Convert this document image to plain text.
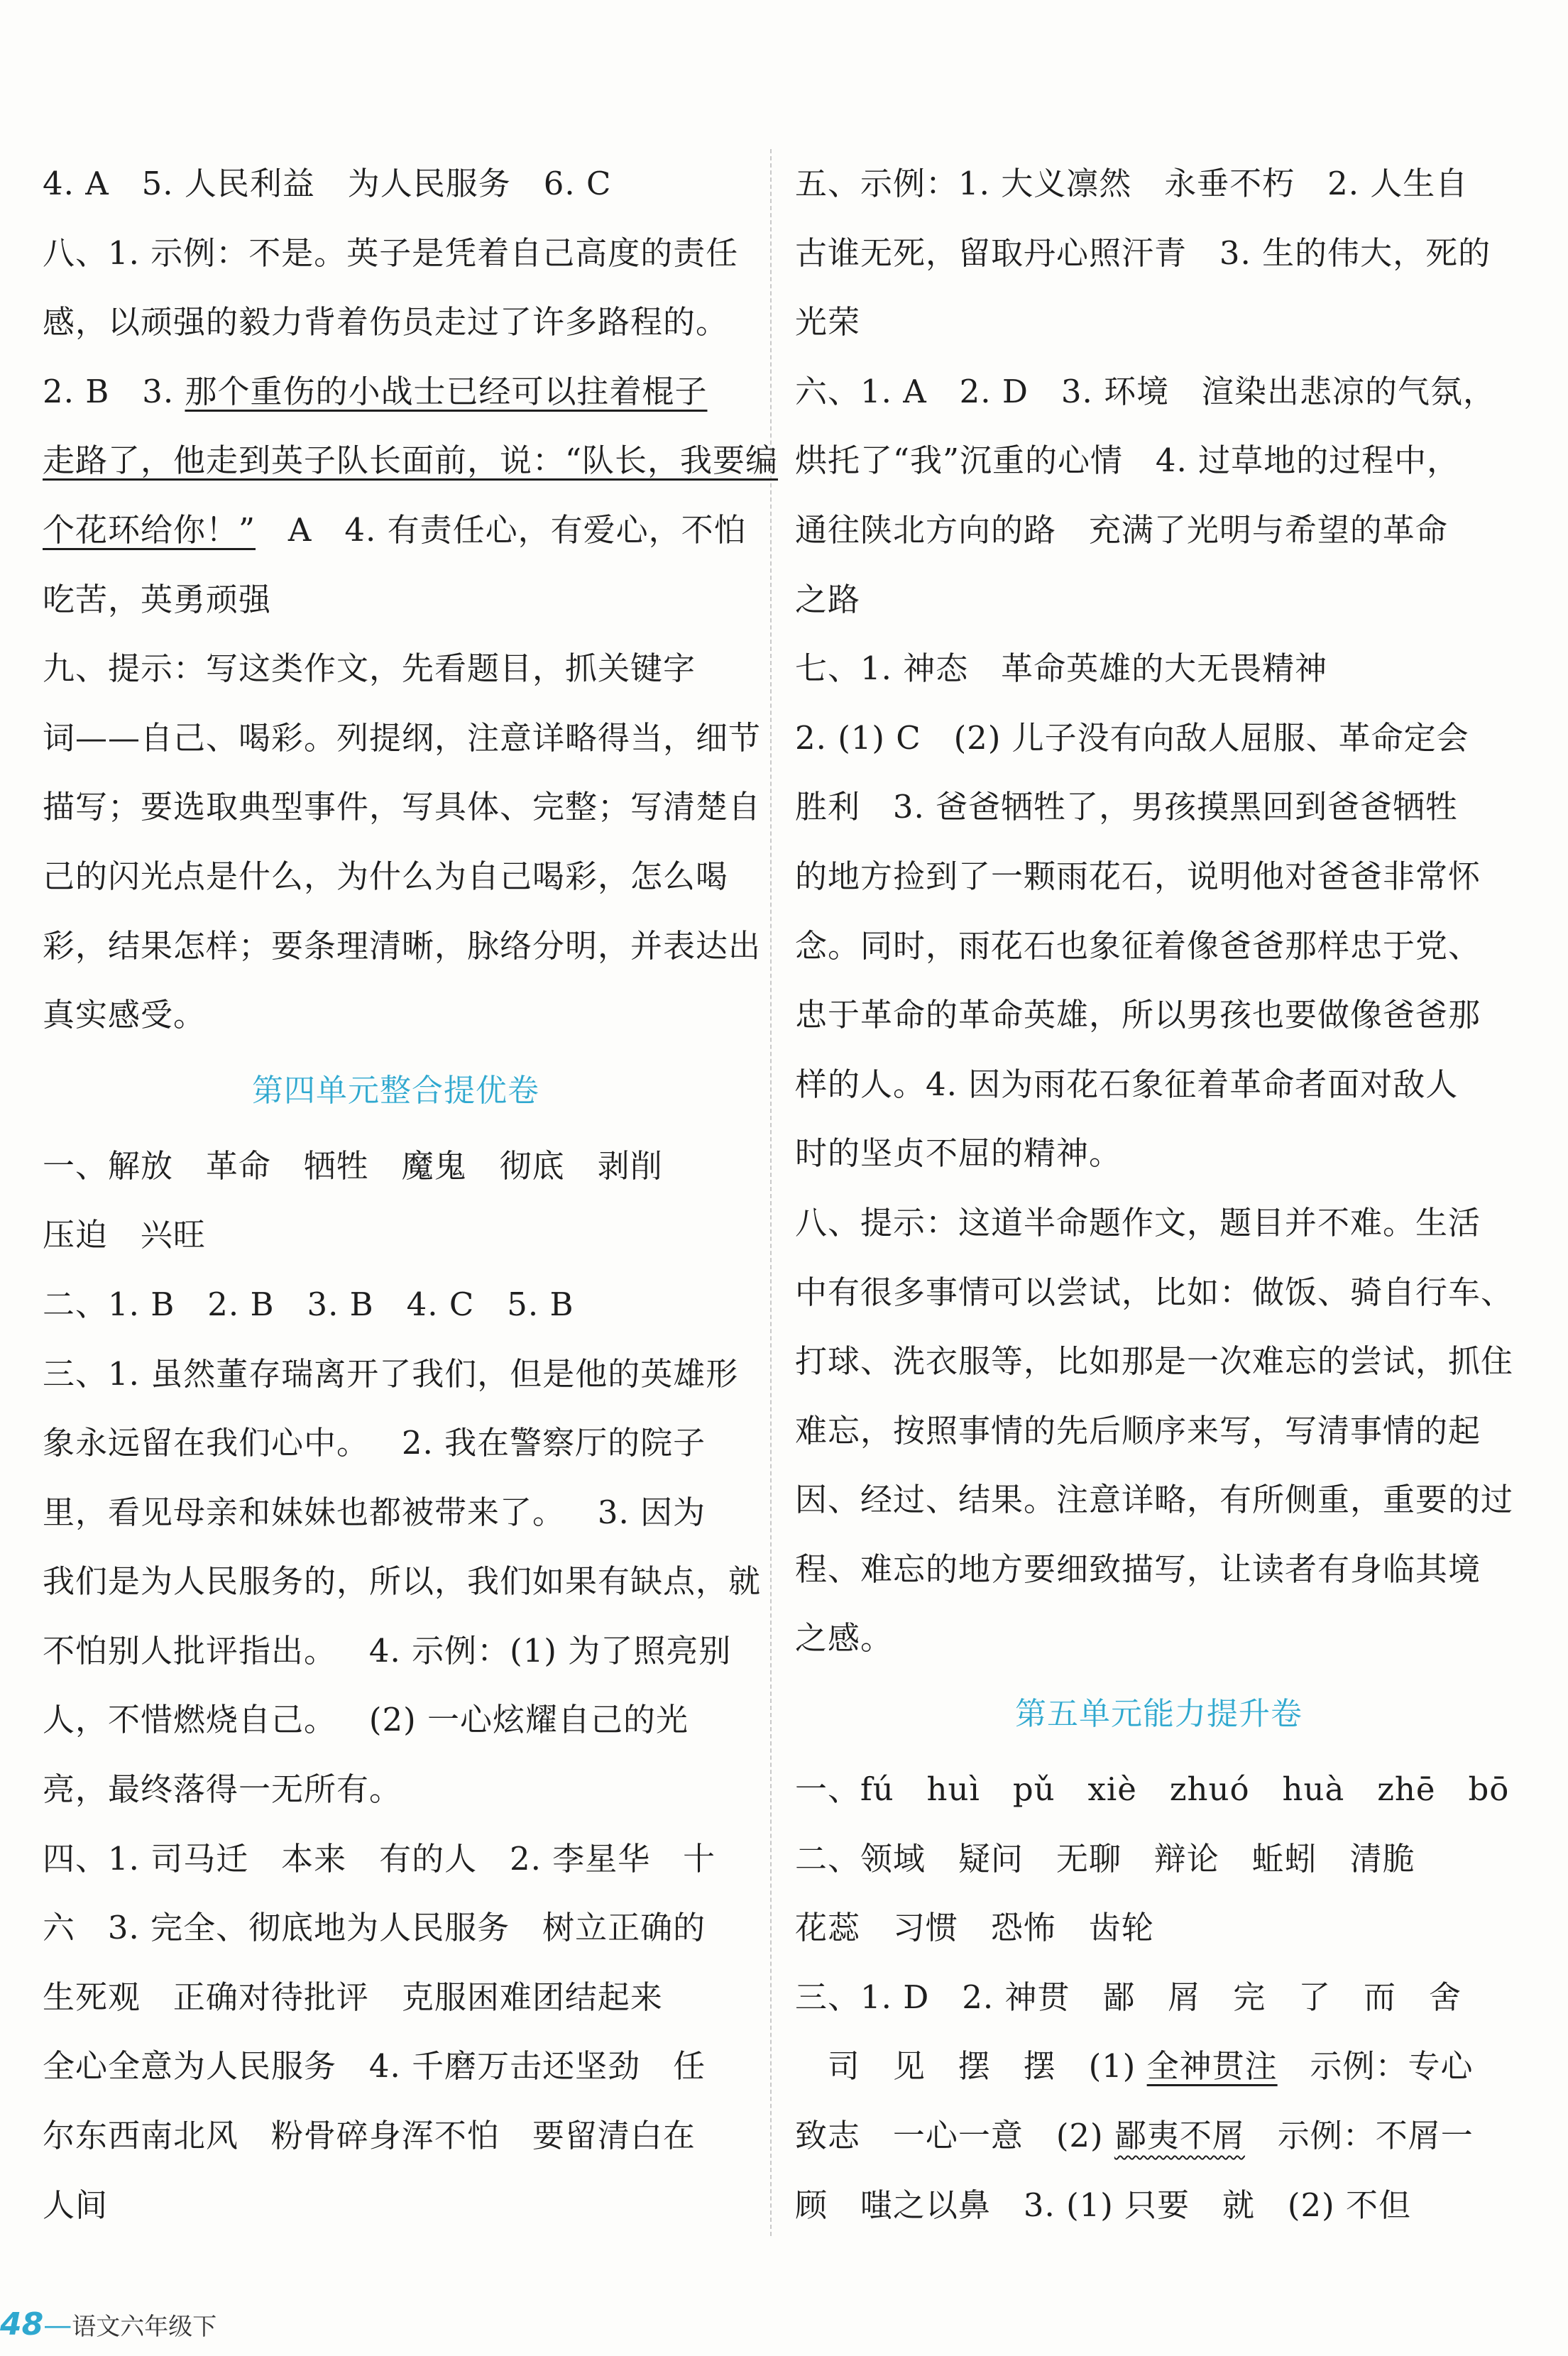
4. A   5. 人民利益   为人民服务   6. C
八、1. 示例：不是。英子是凭着自己高度的责任
感，以顽强的毅力背着伤员走过了许多路程的。
2. B   3. 那个重伤的小战士已经可以拄着棍子
走路了，他走到英子队长面前，说：“队长，我要编
个花环给你！”   A   4. 有责任心，有爱心，不怕
吃苦，英勇顽强
九、提示：写这类作文，先看题目，抓关键字
词——自己、喝彩。列提纲，注意详略得当，细节
描写；要选取典型事件，写具体、完整；写清楚自
己的闪光点是什么，为什么为自己喝彩，怎么喝
彩，结果怎样；要条理清晰，脉络分明，并表达出
真实感受。
第四单元整合提优卷
一、解放   革命   牺牲   魔鬼   彻底   剥削
压迫   兴旺
二、1. B   2. B   3. B   4. C   5. B
三、1. 虽然董存瑞离开了我们，但是他的英雄形
象永远留在我们心中。   2. 我在警察厅的院子
里，看见母亲和妹妹也都被带来了。   3. 因为
我们是为人民服务的，所以，我们如果有缺点，就
不怕别人批评指出。   4. 示例：(1) 为了照亮别
人，不惜燃烧自己。   (2) 一心炫耀自己的光
亮，最终落得一无所有。
四、1. 司马迁   本来   有的人   2. 李星华   十
六   3. 完全、彻底地为人民服务   树立正确的
生死观   正确对待批评   克服困难团结起来
全心全意为人民服务   4. 千磨万击还坚劲   任
尔东西南北风   粉骨碎身浑不怕   要留清白在
人间
五、示例：1. 大义凛然   永垂不朽   2. 人生自
古谁无死，留取丹心照汗青   3. 生的伟大，死的
光荣
六、1. A   2. D   3. 环境   渲染出悲凉的气氛，
烘托了“我”沉重的心情   4. 过草地的过程中，
通往陕北方向的路   充满了光明与希望的革命
之路
七、1. 神态   革命英雄的大无畏精神
2. (1) C   (2) 儿子没有向敌人屈服、革命定会
胜利   3. 爸爸牺牲了，男孩摸黑回到爸爸牺牲
的地方捡到了一颗雨花石，说明他对爸爸非常怀
念。同时，雨花石也象征着像爸爸那样忠于党、
忠于革命的革命英雄，所以男孩也要做像爸爸那
样的人。4. 因为雨花石象征着革命者面对敌人
时的坚贞不屈的精神。
八、提示：这道半命题作文，题目并不难。生活
中有很多事情可以尝试，比如：做饭、骑自行车、
打球、洗衣服等，比如那是一次难忘的尝试，抓住
难忘，按照事情的先后顺序来写，写清事情的起
因、经过、结果。注意详略，有所侧重，重要的过
程、难忘的地方要细致描写，让读者有身临其境
之感。
第五单元能力提升卷
一、fú   huì   pǔ   xiè   zhuó   huà   zhē   bō
二、领域   疑问   无聊   辩论   蚯蚓   清脆
花蕊   习惯   恐怖   齿轮
三、1. D   2. 神贯   鄙   屑   完   了   而   舍
司   见   摆   摆   (1) 全神贯注   示例：专心
致志   一心一意   (2) 鄙夷不屑   示例：不屑一
顾   嗤之以鼻   3. (1) 只要   就   (2) 不但
48—语文六年级下
